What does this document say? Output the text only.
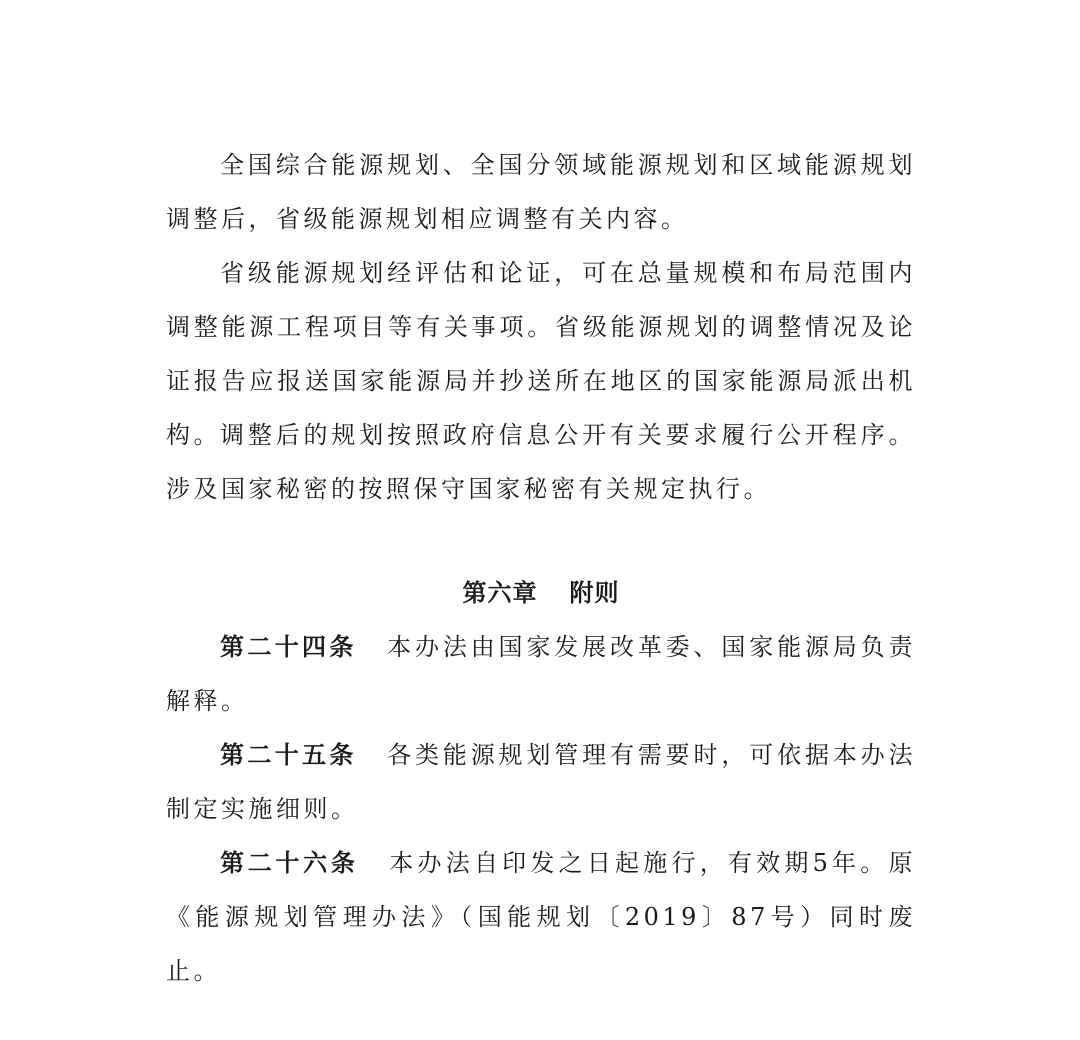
全国综合能源规划、全国分领域能源规划和区域能源规划调整后，省级能源规划相应调整有关内容。

省级能源规划经评估和论证，可在总量规模和布局范围内调整能源工程项目等有关事项。省级能源规划的调整情况及论证报告应报送国家能源局并抄送所在地区的国家能源局派出机构。 调整后的规划按照政府信息公开有关要求履行公开程序。涉及国家秘密的按照保守国家秘密有关规定执行。

第六章 附则

第二十四条 本办法由国家发展改革委、国家能源局负责解释。

第二十五条 各类能源规划管理有需要时，可依据本办法制定实施细则。

第二十六条 本办法自印发之日起施行，有效期5年。原《能源规划管理办法》（国能规划〔2019〕87号）同时废止。
